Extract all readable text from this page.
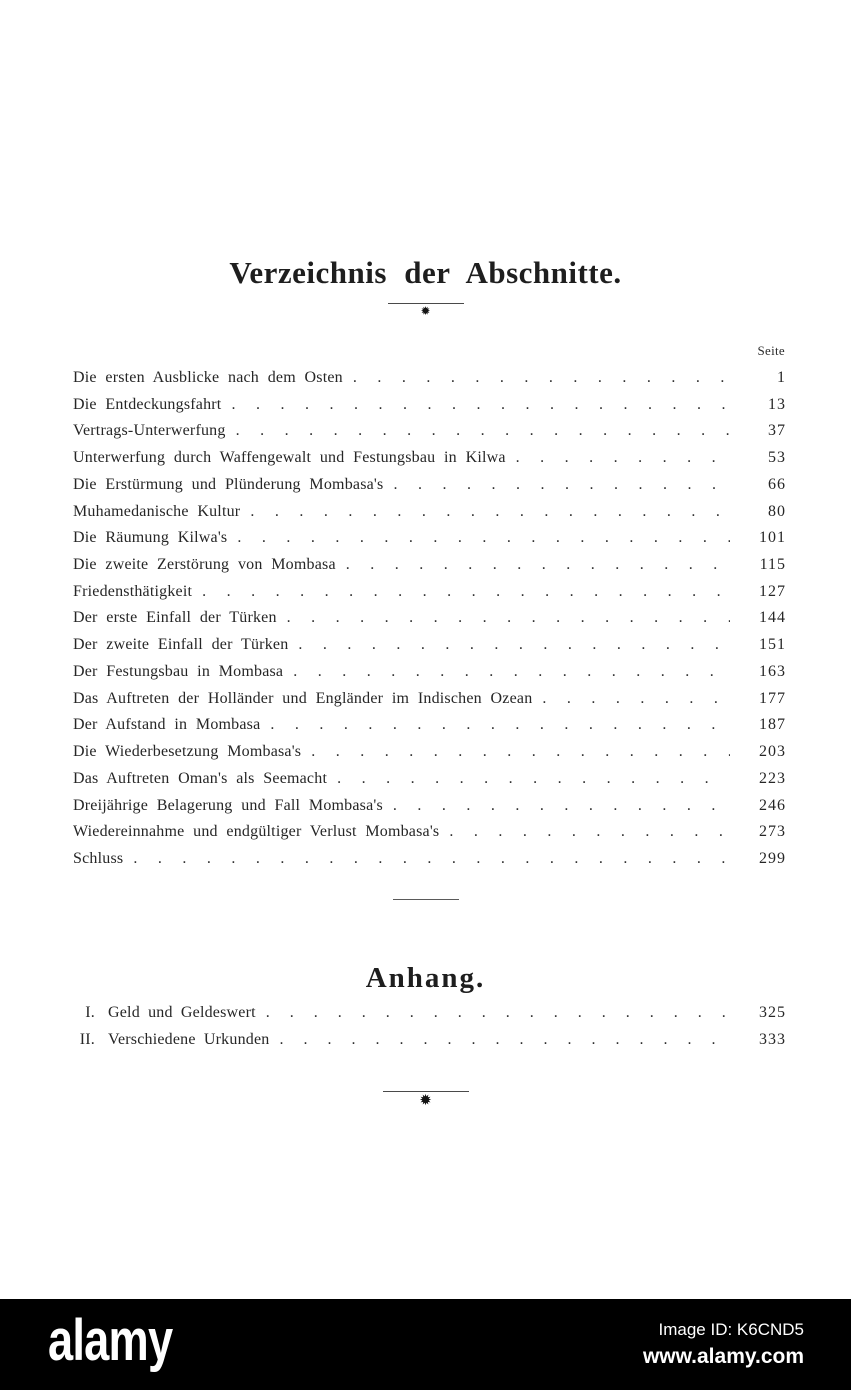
Verzeichnis der Abschnitte.
✹
Seite
Die ersten Ausblicke nach dem Osten . . .	1
Die Entdeckungsfahrt . . .	13
Vertrags-Unterwerfung . . .	37
Unterwerfung durch Waffengewalt und Festungsbau in Kilwa . . .	53
Die Erstürmung und Plünderung Mombasa's . . .	66
Muhamedanische Kultur . . .	80
Die Räumung Kilwa's . . .	101
Die zweite Zerstörung von Mombasa . . .	115
Friedensthätigkeit . . .	127
Der erste Einfall der Türken . . .	144
Der zweite Einfall der Türken . . .	151
Der Festungsbau in Mombasa . . .	163
Das Auftreten der Holländer und Engländer im Indischen Ozean . . .	177
Der Aufstand in Mombasa . . .	187
Die Wiederbesetzung Mombasa's . . .	203
Das Auftreten Oman's als Seemacht . . .	223
Dreijährige Belagerung und Fall Mombasa's . . .	246
Wiedereinnahme und endgültiger Verlust Mombasa's . . .	273
Schluss . . .	299
Anhang.
I. Geld und Geldeswert . . .	325
II. Verschiedene Urkunden . . .	333
✹
alamy	Image ID: K6CND5
www.alamy.com
